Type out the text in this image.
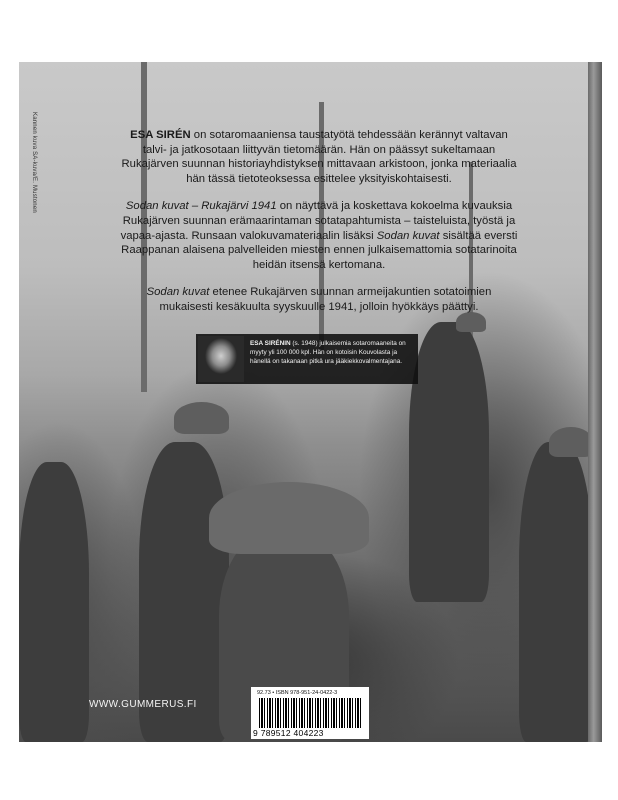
Kannen kuva SA-kuva/E. Mustonen	ESA SIRÉN on sotaromaaniensa taustatyötä tehdessään kerännyt valtavan talvi- ja jatkosotaan liittyvän tietomäärän. Hän on päässyt sukeltamaan Rukajärven suunnan historiayhdistyksen mittavaan arkistoon, jonka materiaalia hän tässä tietoteoksessa esittelee yksityiskohtaisesti.

Sodan kuvat – Rukajärvi 1941 on näyttävä ja koskettava kokoelma kuvauksia Rukajärven suunnan erämaarintaman sotatapahtumista – taisteluista, työstä ja vapaa-ajasta. Runsaan valokuvamateriaalin lisäksi Sodan kuvat sisältää eversti Raappanan alaisena palvelleiden miesten ennen julkaisemattomia sotatarinoita heidän itsensä kertomana.

Sodan kuvat etenee Rukajärven suunnan armeijakuntien sotatoimien mukaisesti kesäkuulta syyskuulle 1941, jolloin hyökkäys päättyi.

ESA SIRÉNIN (s. 1948) julkaisemia sotaromaaneita on myyty yli 100 000 kpl. Hän on kotoisin Kouvolasta ja hänellä on takanaan pitkä ura jääkiekkovalmentajana.
WWW.GUMMERUS.FI
92.73 • ISBN 978-951-24-0422-3
9 789512 404223
